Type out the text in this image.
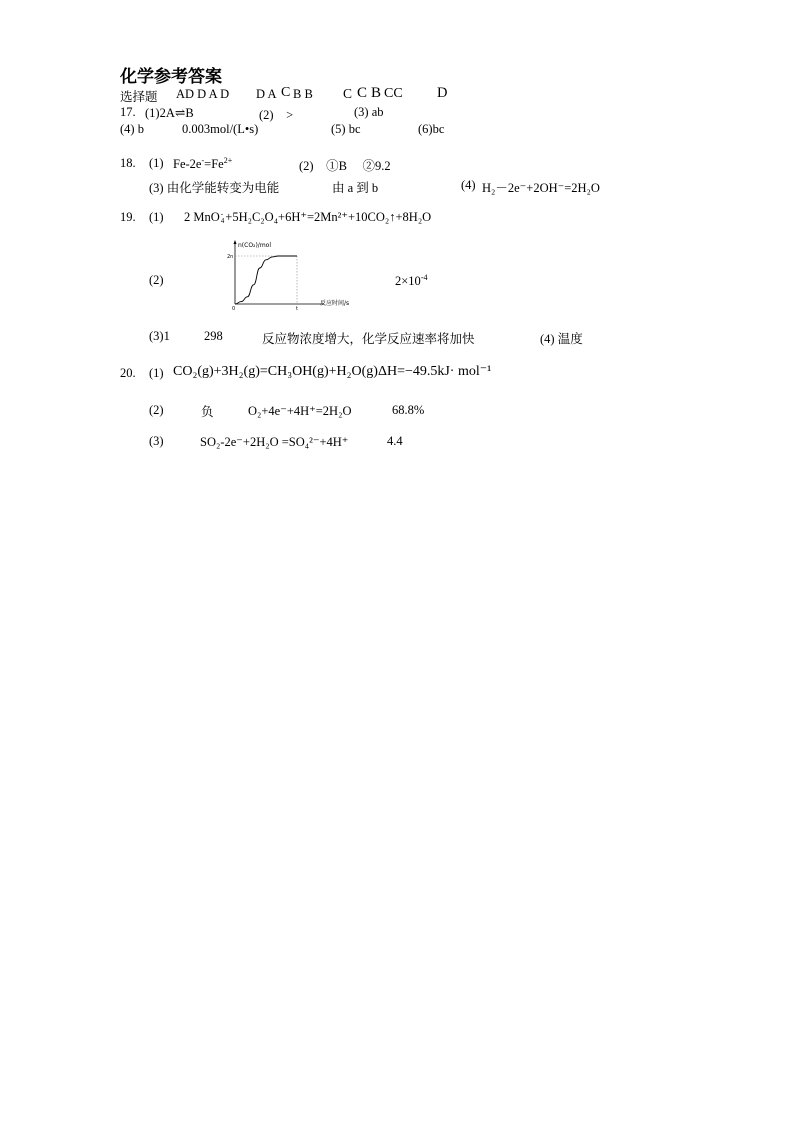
化学参考答案
选择题 AD D A D D A C B B C C B CC D
17. (1)2A⇌B	(2)　>	(3) ab
(4) b	0.003mol/(L•s)	(5) bc	(6)bc
18. (1) $Fe-2e^-=Fe^{2+}$	(2)　①B　 ②9.2
(3) 由化学能转变为电能	由 a 到 b	(4) H₂－2e⁻+2OH⁻=2H₂O
19. (1) 2 MnO -
4 +5H₂C₂O₄+6H⁺=2Mn²⁺+10CO₂↑+8H₂O
(2)
n(CO₂)/mol
2n
0	t
反应时间/s
$2\times 10^{-4}$
(3)1	298	反应物浓度增大，化学反应速率将加快	(4) 温度
20. (1) CO₂(g)+3H₂(g)=CH₃OH(g)+H₂O(g)ΔH=−49.5kJ· mol⁻¹
(2)	负	O₂+4e⁻+4H⁺=2H₂O	68.8%
(3)	SO₂-2e⁻+2H₂O =SO₄²⁻+4H⁺	4.4
